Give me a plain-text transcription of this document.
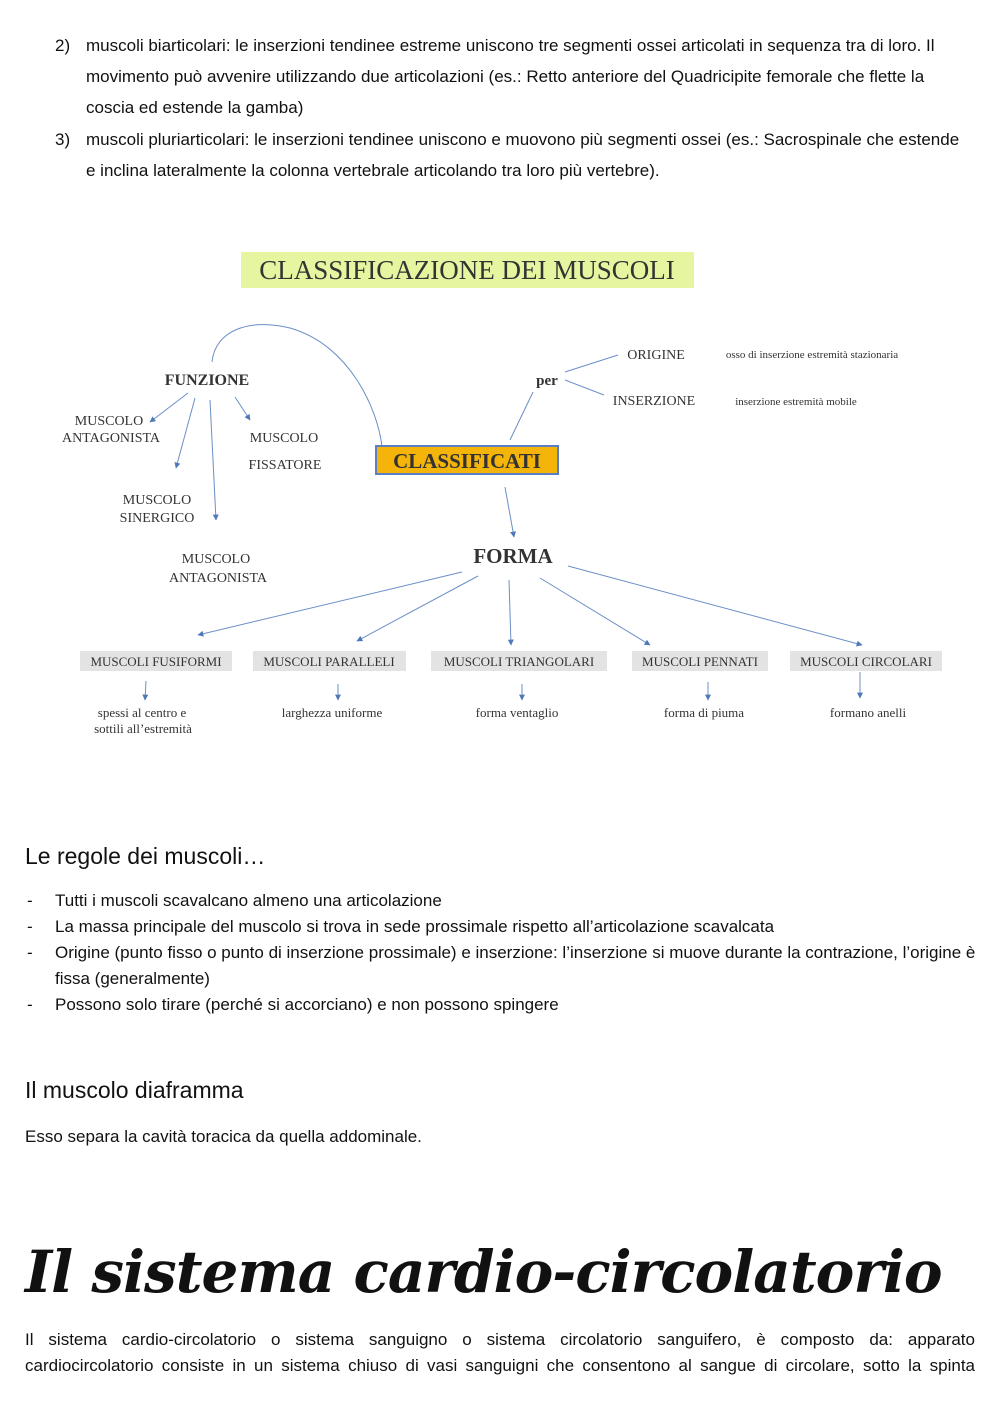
2) muscoli biarticolari: le inserzioni tendinee estreme uniscono tre segmenti ossei articolati in sequenza tra di loro. Il movimento può avvenire utilizzando due articolazioni (es.: Retto anteriore del Quadricipite femorale che flette la coscia ed estende la gamba)
3) muscoli pluriarticolari: le inserzioni tendinee uniscono e muovono più segmenti ossei (es.: Sacrospinale che estende e inclina lateralmente la colonna vertebrale articolando tra loro più vertebre).
CLASSIFICAZIONE DEI MUSCOLI
FUNZIONE
MUSCOLO
ANTAGONISTA	MUSCOLO
FISSATORE
MUSCOLO
SINERGICO
MUSCOLO
ANTAGONISTA
per
ORIGINE	osso di inserzione estremità stazionaria
INSERZIONE	inserzione estremità mobile
CLASSIFICATI
FORMA
MUSCOLI FUSIFORMI	MUSCOLI PARALLELI	MUSCOLI TRIANGOLARI	MUSCOLI PENNATI	MUSCOLI CIRCOLARI
spessi al centro e
sottili all’estremità
larghezza uniforme	forma ventaglio	forma di piuma	formano anelli
Le regole dei muscoli…
- Tutti i muscoli scavalcano almeno una articolazione
- La massa principale del muscolo si trova in sede prossimale rispetto all’articolazione scavalcata
- Origine (punto fisso o punto di inserzione prossimale) e inserzione: l’inserzione si muove durante la contrazione, l’origine è fissa (generalmente)
- Possono solo tirare (perché si accorciano) e non possono spingere
Il muscolo diaframma
Esso separa la cavità toracica da quella addominale.
Il sistema cardio-circolatorio
Il sistema cardio-circolatorio o sistema sanguigno o sistema circolatorio sanguifero, è composto da: apparato
cardiocircolatorio consiste in un sistema chiuso di vasi sanguigni che consentono al sangue di circolare, sotto la spinta
